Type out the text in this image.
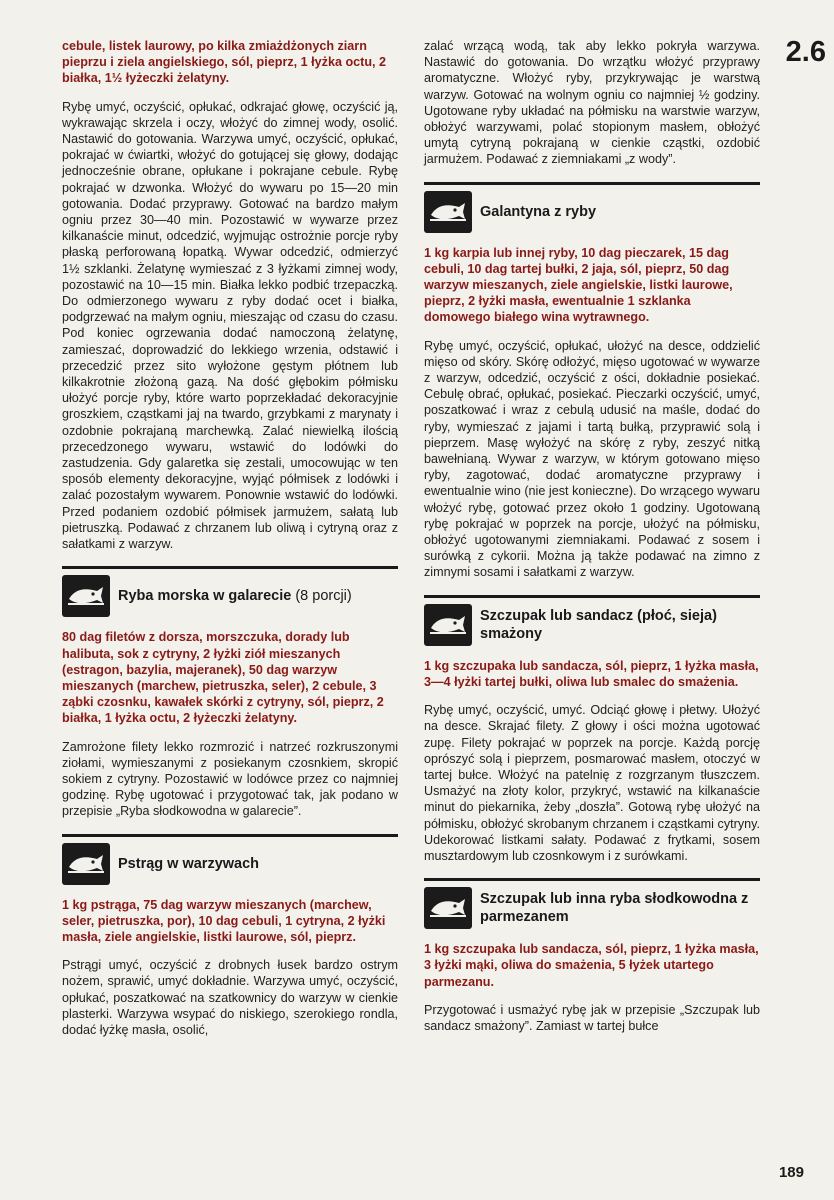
2.6

cebule, listek laurowy, po kilka zmiażdżonych ziarn pieprzu i ziela angielskiego, sól, pieprz, 1 łyżka octu, 2 białka, 1½ łyżeczki żelatyny.

Rybę umyć, oczyścić, opłukać, odkrajać głowę, oczyścić ją, wykrawając skrzela i oczy, włożyć do zimnej wody, osolić. Nastawić do gotowania. Warzywa umyć, oczyścić, opłukać, pokrajać w ćwiartki, włożyć do gotującej się głowy, dodając jednocześnie obrane, opłukane i pokrajane cebule. Rybę pokrajać w dzwonka. Włożyć do wywaru po 15—20 min gotowania. Dodać przyprawy. Gotować na bardzo małym ogniu przez 30—40 min. Pozostawić w wywarze przez kilkanaście minut, odcedzić, wyjmując ostrożnie porcje ryby płaską perforowaną łopatką. Wywar odcedzić, odmierzyć 1½ szklanki. Żelatynę wymieszać z 3 łyżkami zimnej wody, pozostawić na 10—15 min. Białka lekko podbić trzepaczką. Do odmierzonego wywaru z ryby dodać ocet i białka, podgrzewać na małym ogniu, mieszając od czasu do czasu. Pod koniec ogrzewania dodać namoczoną żelatynę, zamieszać, doprowadzić do lekkiego wrzenia, odstawić i przecedzić przez sito wyłożone gęstym płótnem lub kilkakrotnie złożoną gazą. Na dość głębokim półmisku ułożyć porcje ryby, które warto poprzekładać dekoracyjnie groszkiem, cząstkami jaj na twardo, grzybkami z marynaty i ozdobnie pokrajaną marchewką. Zalać niewielką ilością przecedzonego wywaru, wstawić do lodówki do zastudzenia. Gdy galaretka się zestali, umocowując w ten sposób elementy dekoracyjne, wyjąć półmisek z lodówki i zalać pozostałym wywarem. Ponownie wstawić do lodówki. Przed podaniem ozdobić półmisek jarmużem, sałatą lub pietruszką. Podawać z chrzanem lub oliwą i cytryną oraz z sałatkami z warzyw.

Ryba morska w galarecie (8 porcji)

80 dag filetów z dorsza, morszczuka, dorady lub halibuta, sok z cytryny, 2 łyżki ziół mieszanych (estragon, bazylia, majeranek), 50 dag warzyw mieszanych (marchew, pietruszka, seler), 2 cebule, 3 ząbki czosnku, kawałek skórki z cytryny, sól, pieprz, 2 białka, 1 łyżka octu, 2 łyżeczki żelatyny.

Zamrożone filety lekko rozmrozić i natrzeć rozkruszonymi ziołami, wymieszanymi z posiekanym czosnkiem, skropić sokiem z cytryny. Pozostawić w lodówce przez co najmniej godzinę. Rybę ugotować i przygotować tak, jak podano w przepisie „Ryba słodkowodna w galarecie”.

Pstrąg w warzywach

1 kg pstrąga, 75 dag warzyw mieszanych (marchew, seler, pietruszka, por), 10 dag cebuli, 1 cytryna, 2 łyżki masła, ziele angielskie, listki laurowe, sól, pieprz.

Pstrągi umyć, oczyścić z drobnych łusek bardzo ostrym nożem, sprawić, umyć dokładnie. Warzywa umyć, oczyścić, opłukać, poszatkować na szatkownicy do warzyw w cienkie plasterki. Warzywa wsypać do niskiego, szerokiego rondla, dodać łyżkę masła, osolić,

zalać wrzącą wodą, tak aby lekko pokryła warzywa. Nastawić do gotowania. Do wrzątku włożyć przyprawy aromatyczne. Włożyć ryby, przykrywając je warstwą warzyw. Gotować na wolnym ogniu co najmniej ½ godziny. Ugotowane ryby układać na półmisku na warstwie warzyw, obłożyć warzywami, polać stopionym masłem, obłożyć umytą cytryną pokrajaną w cienkie cząstki, ozdobić jarmużem. Podawać z ziemniakami „z wody”.

Galantyna z ryby

1 kg karpia lub innej ryby, 10 dag pieczarek, 15 dag cebuli, 10 dag tartej bułki, 2 jaja, sól, pieprz, 50 dag warzyw mieszanych, ziele angielskie, listki laurowe, pieprz, 2 łyżki masła, ewentualnie 1 szklanka domowego białego wina wytrawnego.

Rybę umyć, oczyścić, opłukać, ułożyć na desce, oddzielić mięso od skóry. Skórę odłożyć, mięso ugotować w wywarze z warzyw, odcedzić, oczyścić z ości, dokładnie posiekać. Cebulę obrać, opłukać, posiekać. Pieczarki oczyścić, umyć, poszatkować i wraz z cebulą udusić na maśle, dodać do ryby, wymieszać z jajami i tartą bułką, przyprawić solą i pieprzem. Masę wyłożyć na skórę z ryby, zeszyć nitką bawełnianą. Wywar z warzyw, w którym gotowano mięso ryby, zagotować, dodać aromatyczne przyprawy i ewentualnie wino (nie jest konieczne). Do wrzącego wywaru włożyć rybę, gotować przez około 1 godziny. Ugotowaną rybę pokrajać w poprzek na porcje, ułożyć na półmisku, obłożyć ugotowanymi ziemniakami. Podawać z sosem i surówką z cykorii. Można ją także podawać na zimno z zimnymi sosami i sałatkami z warzyw.

Szczupak lub sandacz (płoć, sieja) smażony

1 kg szczupaka lub sandacza, sól, pieprz, 1 łyżka masła, 3—4 łyżki tartej bułki, oliwa lub smalec do smażenia.

Rybę umyć, oczyścić, umyć. Odciąć głowę i płetwy. Ułożyć na desce. Skrajać filety. Z głowy i ości można ugotować zupę. Filety pokrajać w poprzek na porcje. Każdą porcję oprószyć solą i pieprzem, posmarować masłem, otoczyć w tartej bułce. Włożyć na patelnię z rozgrzanym tłuszczem. Usmażyć na złoty kolor, przykryć, wstawić na kilkanaście minut do piekarnika, żeby „doszła”. Gotową rybę ułożyć na półmisku, obłożyć skrobanym chrzanem i cząstkami cytryny. Udekorować listkami sałaty. Podawać z frytkami, sosem musztardowym lub czosnkowym i z surówkami.

Szczupak lub inna ryba słodkowodna z parmezanem

1 kg szczupaka lub sandacza, sól, pieprz, 1 łyżka masła, 3 łyżki mąki, oliwa do smażenia, 5 łyżek utartego parmezanu.

Przygotować i usmażyć rybę jak w przepisie „Szczupak lub sandacz smażony”. Zamiast w tartej bułce

189
